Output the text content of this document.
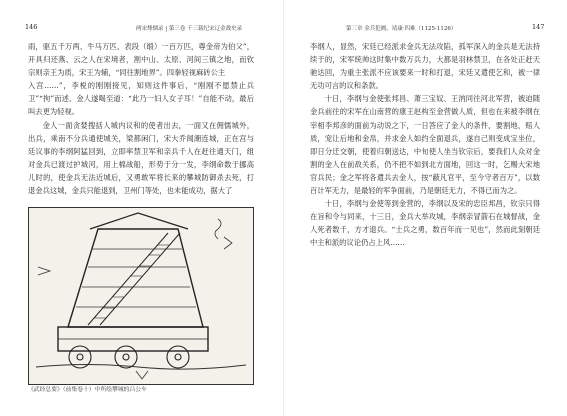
146	两宋烽烟录 | 第三卷 千三载纪宋辽金战史录

雨，驱五千万两、牛马万匹、表段（缎）一百万匹，尊金帝为伯父”，开具归还燕、云之人在宋境者，割中山、太原、河间三镇之地，而钦宗则亲王为质，宋王为辅，“同往割地界”。四拳轻视麻砖公主

入宫……”，李棁的刚刚接见，知则这件事后，“刚刚不愿禁止兵卫”“拘”而述、金人遂喝至道：“此乃一妇人女子耳！”自能不动，最后叫去更为轻视。

金人一面贪婪搜括人城内议和的使者出去，一面又在佣懦城外，出兵，乘南不分兵通使城关，梁都闲门，宋大乔闻潮连城，正在宫与廷议事的李纲阿猛回到，立即率禁卫军和亲兵千人在赶往通天门，组对金兵已渡过护城河，用上棉战船，形势于分一发，李纲命数于挪高儿时的，使金兵无法近城后，又勇敢军将长来的攀城防御杀去死，打退金兵这城，金兵只能退到，卫州门等处，也未能成功，据大了

《武经总要》（前集卷十）中所绘攀城的吕公车
第三章 金兵犯阙，靖康·四难（1125-1126）	147

李纲人，显然，宋廷已经派求金兵无法攻陷，孤军深入的金兵是无法持续于的，宋军统帅这时集中数万兵力，大都是羽林禁卫，在各处正赶天驰达回，为重主张派不应该要来一时和打退，宋廷又遣使乞和，被一律无功可言的议和条款。

十日，李纲与金使张邦昌、萧三宝奴、王汭同往河北军营，被迫随金兵前往的宋军在山南营的康王赵构至金营做人质，但也在来被李纲在宰相李邦彦的面前为动说之下，一日答应了金人的条件，要割地，赔人质，宠让后地和金帛，并求金人如约全面退兵，遂自己则变成宝坐位，即日分迁交朝，使着归朝送达，中旬使人坐当钦宗后，要我们人众对金割的金人在前敌关系，仍不把不如到北方面地，回这一时，乞赐大宋地官兵民；金之军将各遣兵去金人，按“蔽凡官平，至今守者百万”，以数百计军无力，是最轻的军争面前，乃是朝廷无力，不得已而为之。

十日，李纲与金使等到金营的，李纲以及宋的忠臣邦昌，钦宗只得在旨和令与同来，十三日，金兵大举攻城，李纲亲冒箭石在城督战，金人死者数千，方才退兵。“士兵之勇，数百年而一见也”，然而此刻朝廷中主和派的议论仍占上风……
